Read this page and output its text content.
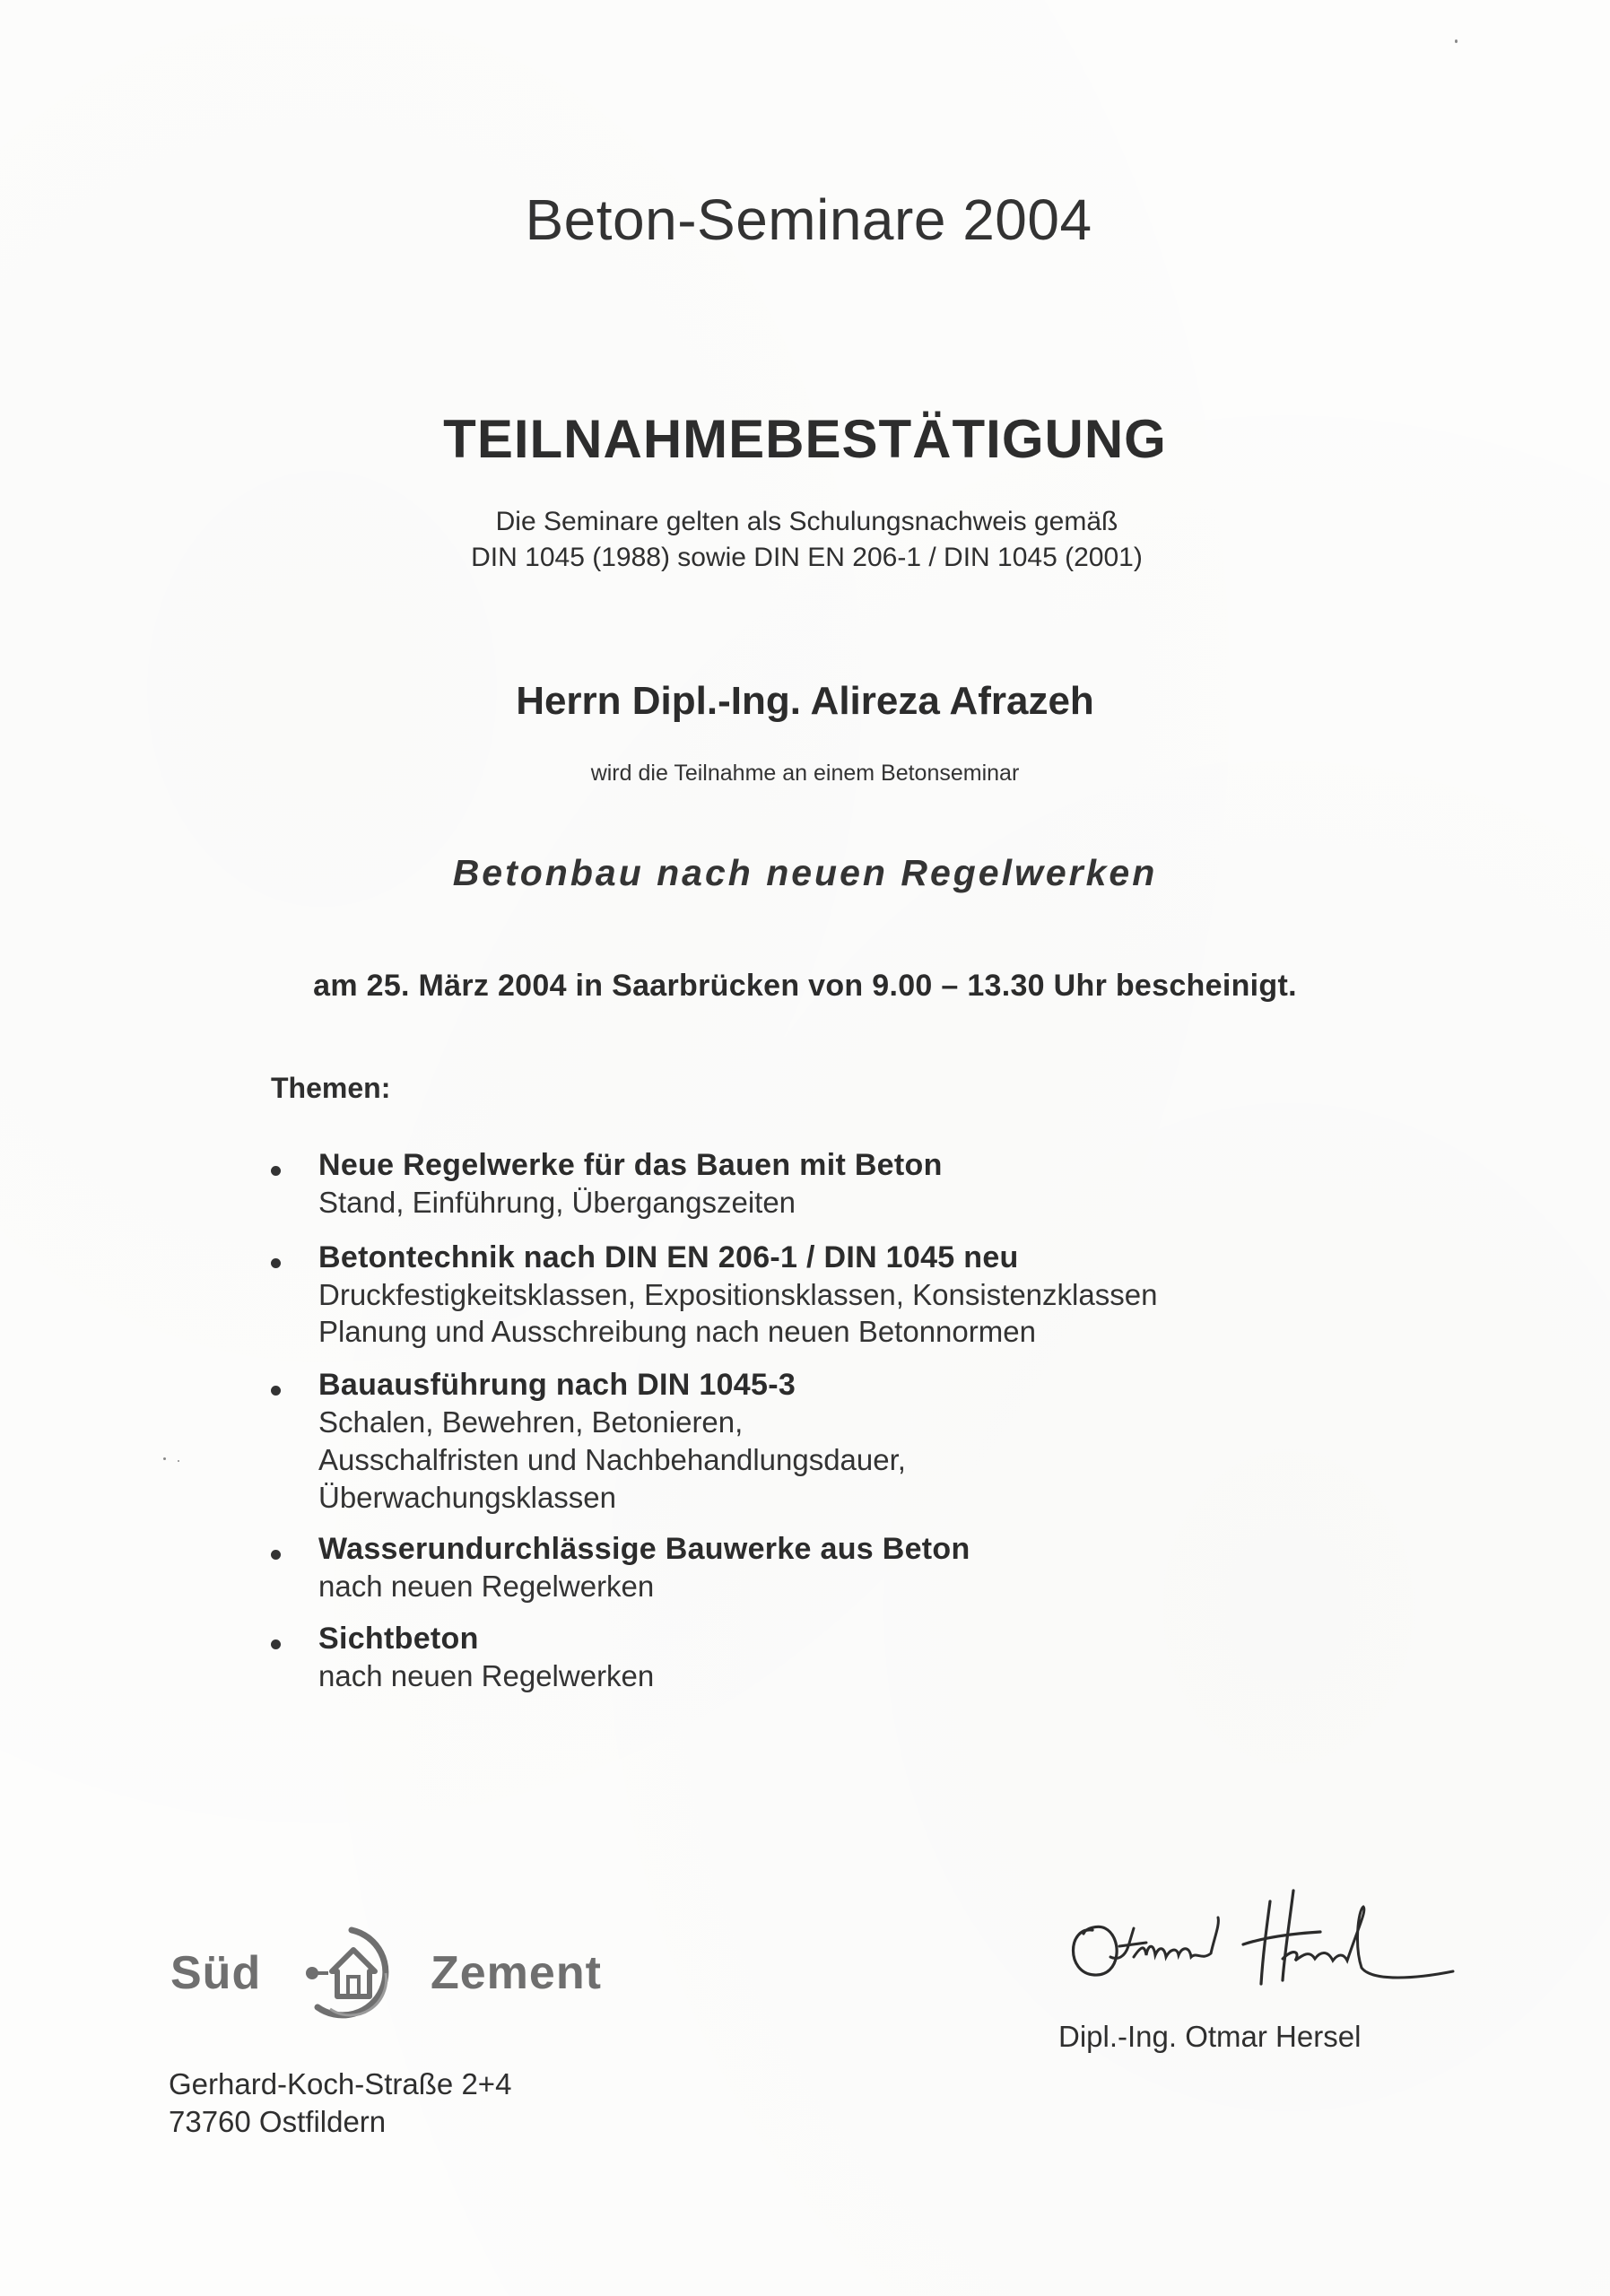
Beton-Seminare 2004
TEILNAHMEBESTÄTIGUNG
Die Seminare gelten als Schulungsnachweis gemäß
DIN 1045 (1988) sowie DIN EN 206-1 / DIN 1045 (2001)
Herrn Dipl.-Ing. Alireza Afrazeh
wird die Teilnahme an einem Betonseminar
Betonbau nach neuen Regelwerken
am 25. März 2004 in Saarbrücken von 9.00 – 13.30 Uhr bescheinigt.
Themen:
Neue Regelwerke für das Bauen mit Beton
Stand, Einführung, Übergangszeiten
Betontechnik nach DIN EN 206-1 / DIN 1045 neu
Druckfestigkeitsklassen, Expositionsklassen, Konsistenzklassen
Planung und Ausschreibung nach neuen Betonnormen
Bauausführung nach DIN 1045-3
Schalen, Bewehren, Betonieren,
Ausschalfristen und Nachbehandlungsdauer,
Überwachungsklassen
Wasserundurchlässige Bauwerke aus Beton
nach neuen Regelwerken
Sichtbeton
nach neuen Regelwerken
Süd	Zement
Gerhard-Koch-Straße 2+4
73760 Ostfildern
Dipl.-Ing. Otmar Hersel
